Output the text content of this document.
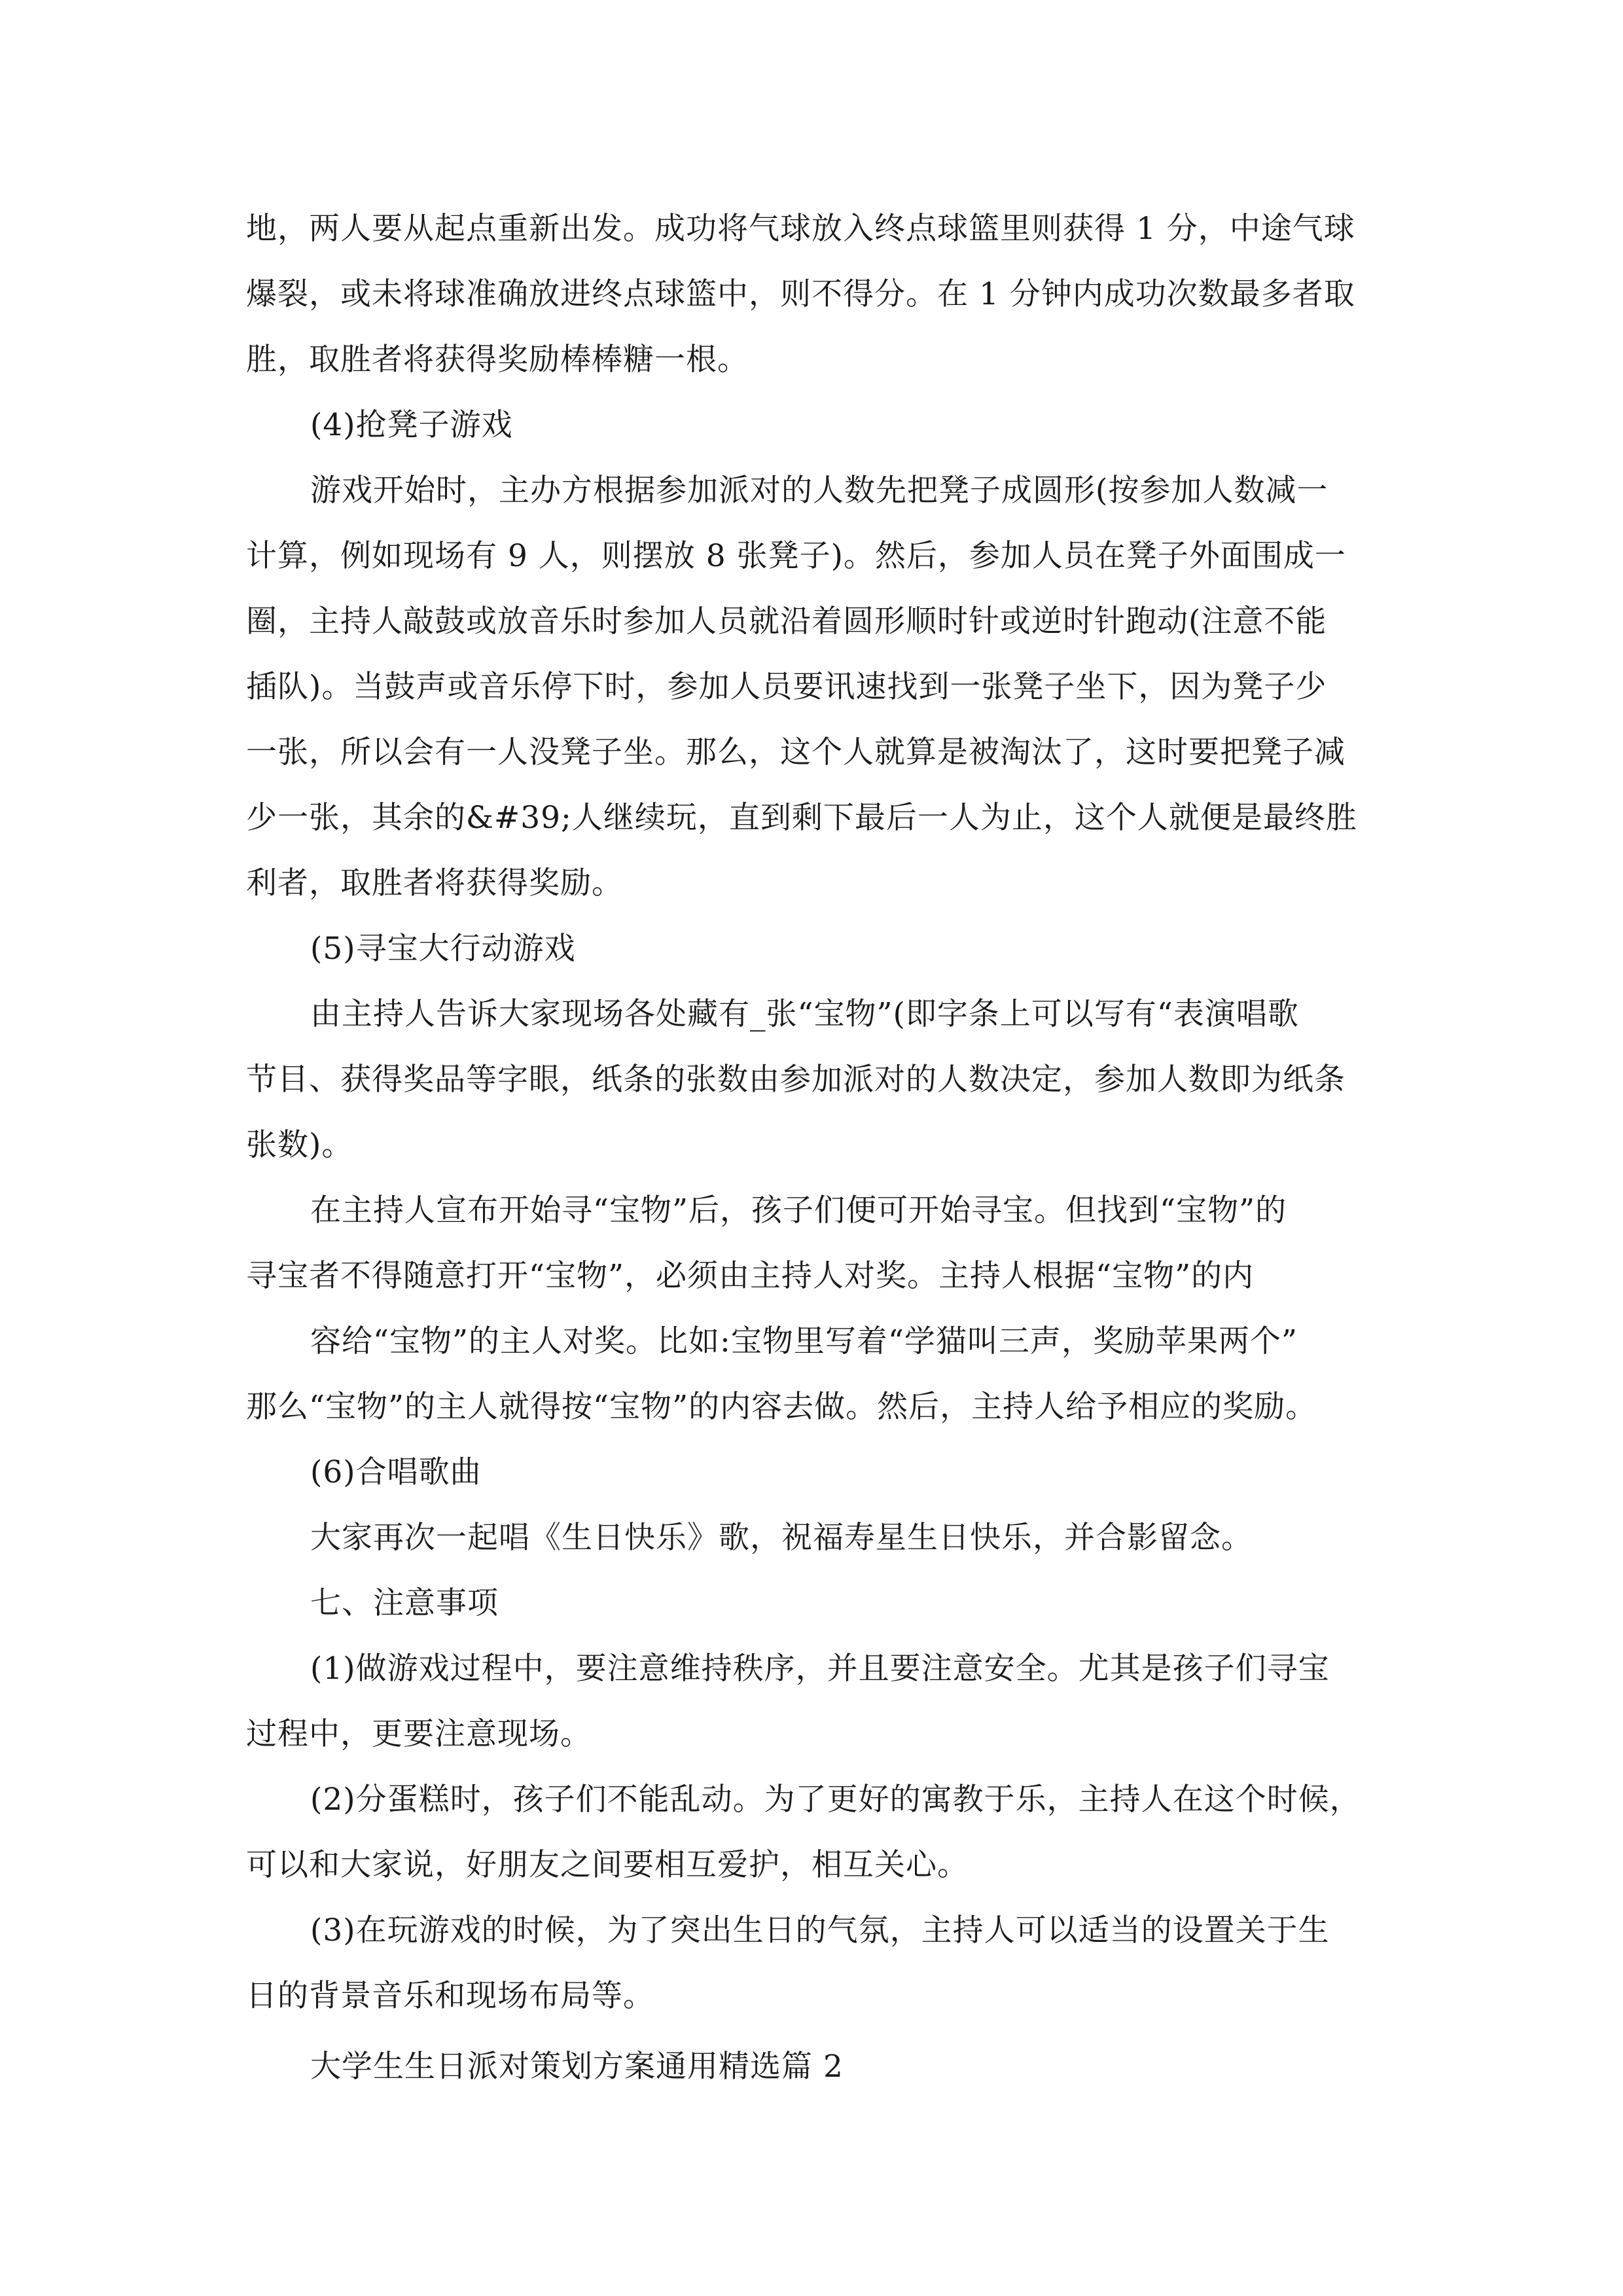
地，两人要从起点重新出发。成功将气球放入终点球篮里则获得 1 分，中途气球
爆裂，或未将球准确放进终点球篮中，则不得分。在 1 分钟内成功次数最多者取
胜，取胜者将获得奖励棒棒糖一根。

(4)抢凳子游戏

游戏开始时，主办方根据参加派对的人数先把凳子成圆形(按参加人数减一
计算，例如现场有 9 人，则摆放 8 张凳子)。然后，参加人员在凳子外面围成一
圈，主持人敲鼓或放音乐时参加人员就沿着圆形顺时针或逆时针跑动(注意不能
插队)。当鼓声或音乐停下时，参加人员要讯速找到一张凳子坐下，因为凳子少
一张，所以会有一人没凳子坐。那么，这个人就算是被淘汰了，这时要把凳子减
少一张，其余的&#39;人继续玩，直到剩下最后一人为止，这个人就便是最终胜
利者，取胜者将获得奖励。

(5)寻宝大行动游戏

由主持人告诉大家现场各处藏有_张“宝物”(即字条上可以写有“表演唱歌
节目、获得奖品等字眼，纸条的张数由参加派对的人数决定，参加人数即为纸条
张数)。

在主持人宣布开始寻“宝物”后，孩子们便可开始寻宝。但找到“宝物”的
寻宝者不得随意打开“宝物”，必须由主持人对奖。主持人根据“宝物”的内

容给“宝物”的主人对奖。比如:宝物里写着“学猫叫三声，奖励苹果两个”
那么“宝物”的主人就得按“宝物”的内容去做。然后，主持人给予相应的奖励。

(6)合唱歌曲

大家再次一起唱《生日快乐》歌，祝福寿星生日快乐，并合影留念。

七、注意事项

(1)做游戏过程中，要注意维持秩序，并且要注意安全。尤其是孩子们寻宝
过程中，更要注意现场。

(2)分蛋糕时，孩子们不能乱动。为了更好的寓教于乐，主持人在这个时候，
可以和大家说，好朋友之间要相互爱护，相互关心。

(3)在玩游戏的时候，为了突出生日的气氛，主持人可以适当的设置关于生
日的背景音乐和现场布局等。

大学生生日派对策划方案通用精选篇 2
